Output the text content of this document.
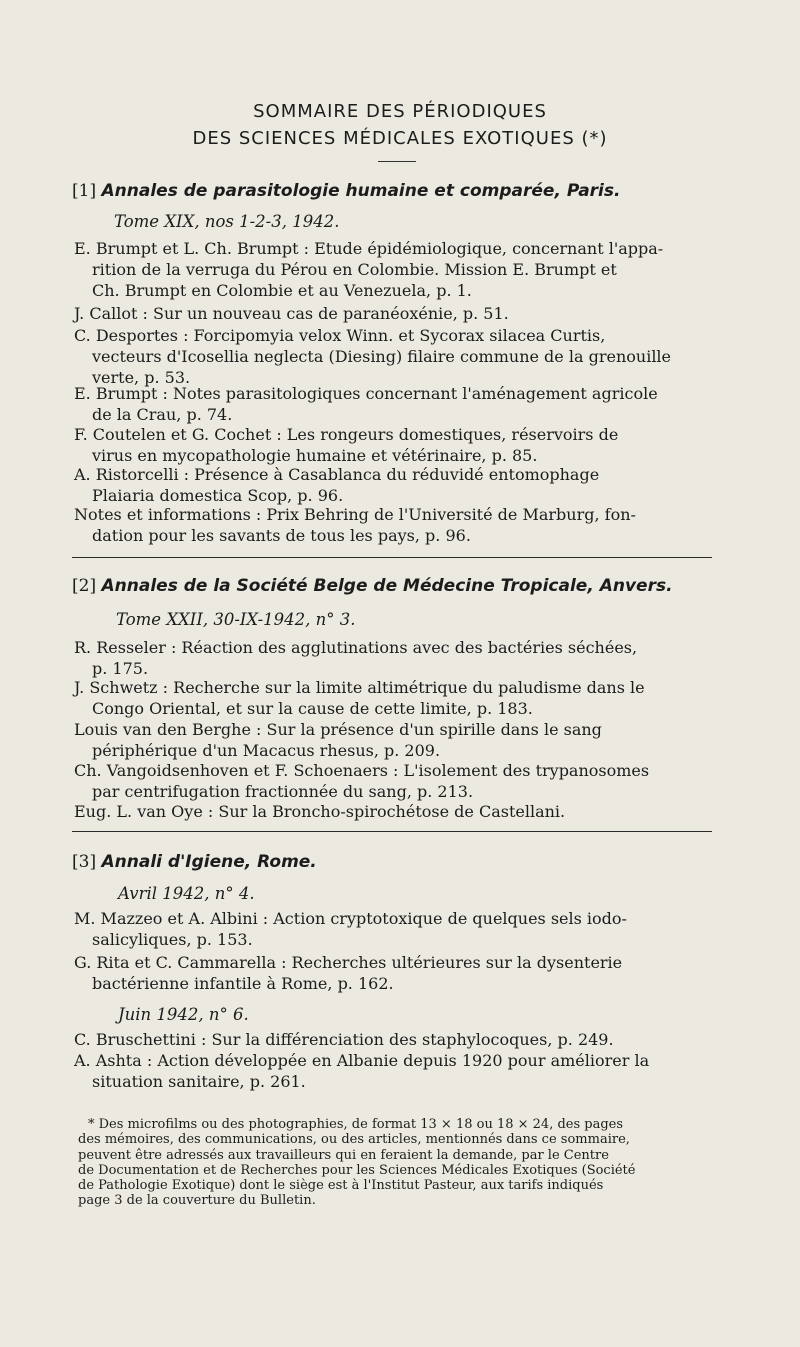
SOMMAIRE DES PÉRIODIQUES
DES SCIENCES MÉDICALES EXOTIQUES (*)
[1] Annales de parasitologie humaine et comparée, Paris.
Tome XIX, nos 1-2-3, 1942.
E. Brumpt et L. Ch. Brumpt : Etude épidémiologique, concernant l'appa-
rition de la verruga du Pérou en Colombie. Mission E. Brumpt et
Ch. Brumpt en Colombie et au Venezuela, p. 1.
J. Callot : Sur un nouveau cas de paranéoxénie, p. 51.
C. Desportes : Forcipomyia velox Winn. et Sycorax silacea Curtis,
vecteurs d'Icosellia neglecta (Diesing) filaire commune de la grenouille
verte, p. 53.
E. Brumpt : Notes parasitologiques concernant l'aménagement agricole
de la Crau, p. 74.
F. Coutelen et G. Cochet : Les rongeurs domestiques, réservoirs de
virus en mycopathologie humaine et vétérinaire, p. 85.
A. Ristorcelli : Présence à Casablanca du réduvidé entomophage
Plaiaria domestica Scop, p. 96.
Notes et informations : Prix Behring de l'Université de Marburg, fon-
dation pour les savants de tous les pays, p. 96.
[2] Annales de la Société Belge de Médecine Tropicale, Anvers.
Tome XXII, 30-IX-1942, n° 3.
R. Resseler : Réaction des agglutinations avec des bactéries séchées,
p. 175.
J. Schwetz : Recherche sur la limite altimétrique du paludisme dans le
Congo Oriental, et sur la cause de cette limite, p. 183.
Louis van den Berghe : Sur la présence d'un spirille dans le sang
périphérique d'un Macacus rhesus, p. 209.
Ch. Vangoidsenhoven et F. Schoenaers : L'isolement des trypanosomes
par centrifugation fractionnée du sang, p. 213.
Eug. L. van Oye : Sur la Broncho-spirochétose de Castellani.
[3] Annali d'Igiene, Rome.
Avril 1942, n° 4.
M. Mazzeo et A. Albini : Action cryptotoxique de quelques sels iodo-
salicyliques, p. 153.
G. Rita et C. Cammarella : Recherches ultérieures sur la dysenterie
bactérienne infantile à Rome, p. 162.
Juin 1942, n° 6.
C. Bruschettini : Sur la différenciation des staphylocoques, p. 249.
A. Ashta : Action développée en Albanie depuis 1920 pour améliorer la
situation sanitaire, p. 261.
* Des microfilms ou des photographies, de format 13 × 18 ou 18 × 24, des pages
des mémoires, des communications, ou des articles, mentionnés dans ce sommaire,
peuvent être adressés aux travailleurs qui en feraient la demande, par le Centre
de Documentation et de Recherches pour les Sciences Médicales Exotiques (Société
de Pathologie Exotique) dont le siège est à l'Institut Pasteur, aux tarifs indiqués
page 3 de la couverture du Bulletin.
